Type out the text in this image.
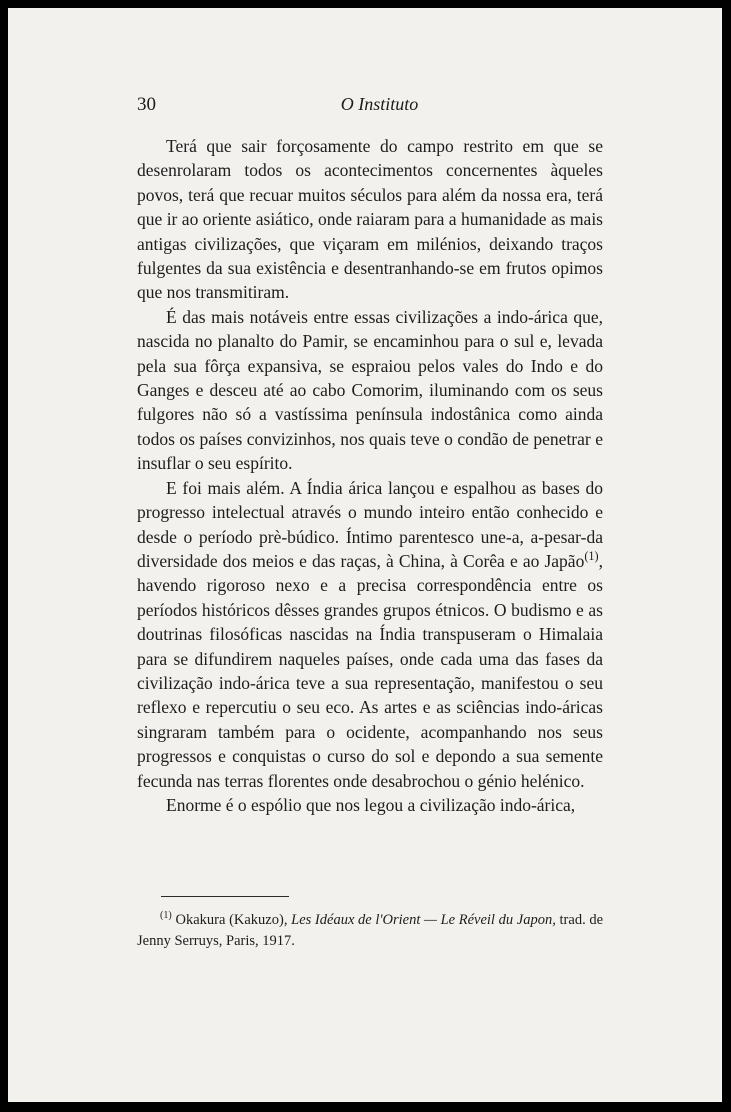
30	O Instituto

Terá que sair forçosamente do campo restrito em que se desenrolaram todos os acontecimentos concernentes àqueles povos, terá que recuar muitos séculos para além da nossa era, terá que ir ao oriente asiático, onde raiaram para a humanidade as mais antigas civilizações, que viçaram em milénios, deixando traços fulgentes da sua existência e desentranhando-se em frutos opimos que nos transmitiram.

É das mais notáveis entre essas civilizações a indo-árica que, nascida no planalto do Pamir, se encaminhou para o sul e, levada pela sua fôrça expansiva, se espraiou pelos vales do Indo e do Ganges e desceu até ao cabo Comorim, iluminando com os seus fulgores não só a vastíssima península indostânica como ainda todos os países convizinhos, nos quais teve o condão de penetrar e insuflar o seu espírito.

E foi mais além. A Índia árica lançou e espalhou as bases do progresso intelectual através o mundo inteiro então conhecido e desde o período prè-búdico. Íntimo parentesco une-a, a-pesar-da diversidade dos meios e das raças, à China, à Corêa e ao Japão$^{(1)}$, havendo rigoroso nexo e a precisa correspondência entre os períodos históricos dêsses grandes grupos étnicos. O budismo e as doutrinas filosóficas nascidas na Índia transpuseram o Himalaia para se difundirem naqueles países, onde cada uma das fases da civilização indo-árica teve a sua representação, manifestou o seu reflexo e repercutiu o seu eco. As artes e as sciências indo-áricas singraram também para o ocidente, acompanhando nos seus progressos e conquistas o curso do sol e depondo a sua semente fecunda nas terras florentes onde desabrochou o génio helénico.

Enorme é o espólio que nos legou a civilização indo-árica,

$^{(1)}$ Okakura (Kakuzo), Les Idéaux de l'Orient — Le Réveil du Japon, trad. de Jenny Serruys, Paris, 1917.
